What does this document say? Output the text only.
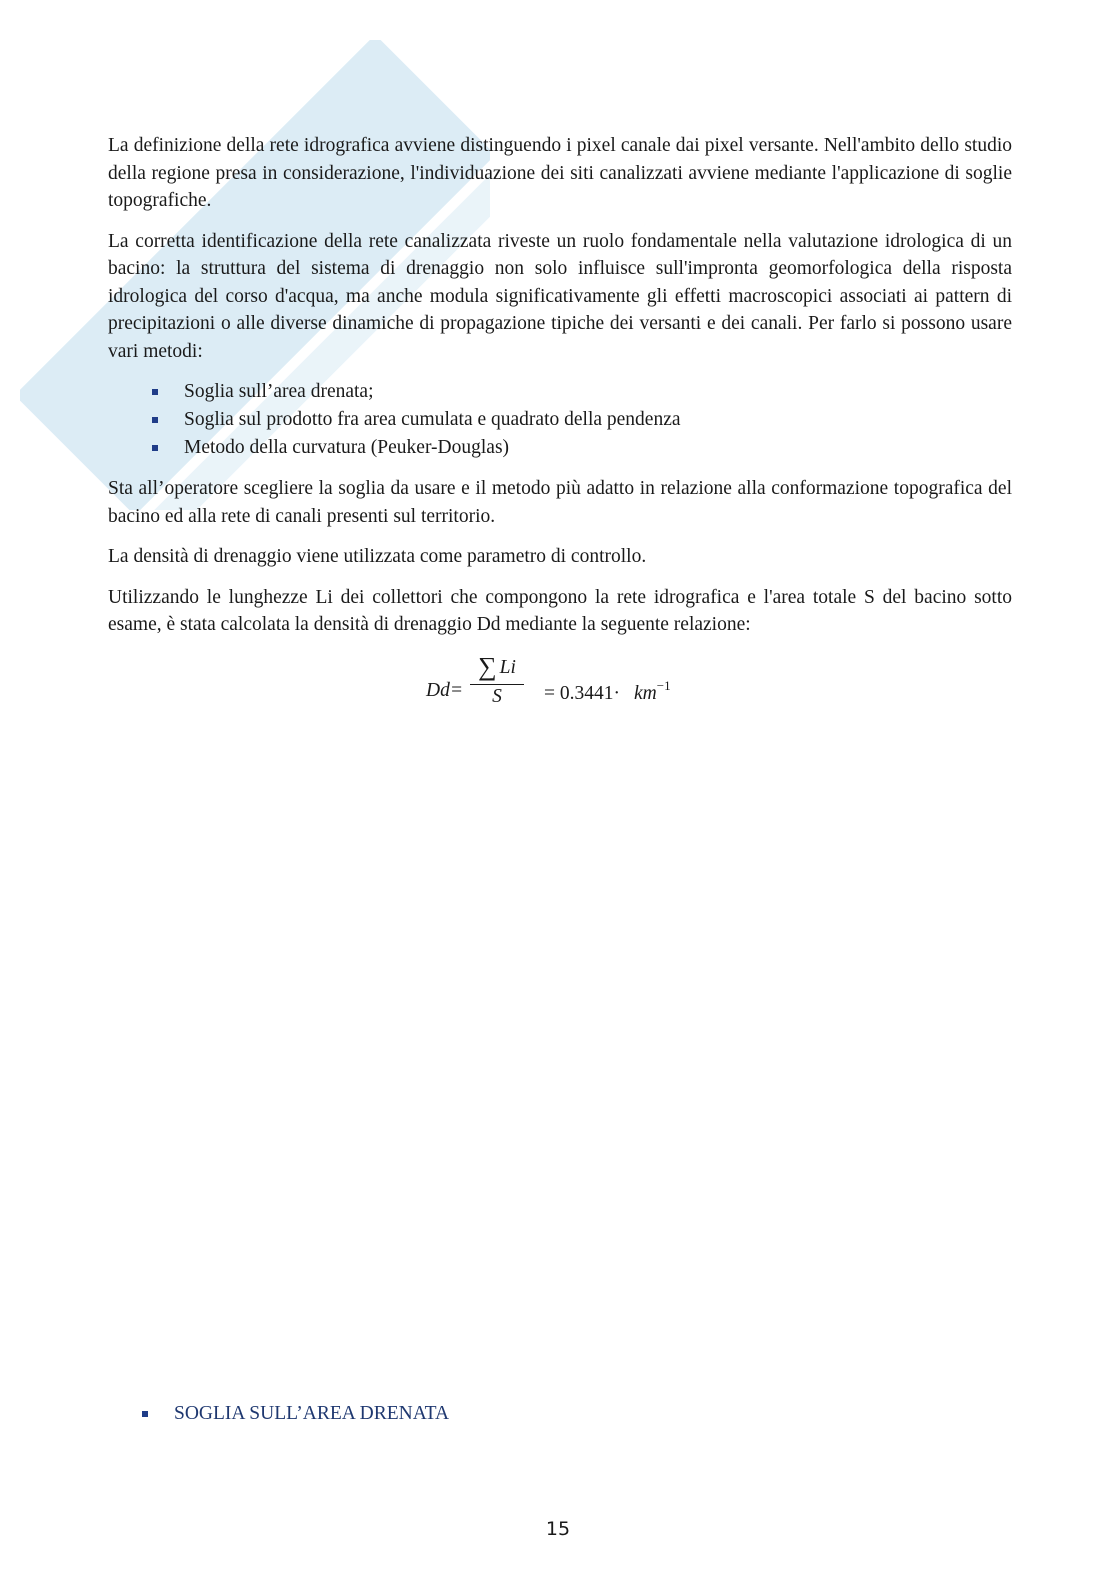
La definizione della rete idrografica avviene distinguendo i pixel canale dai pixel versante. Nell'ambito dello studio della regione presa in considerazione, l'individuazione dei siti canalizzati avviene mediante l'applicazione di soglie topografiche.

La corretta identificazione della rete canalizzata riveste un ruolo fondamentale nella valutazione idrologica di un bacino: la struttura del sistema di drenaggio non solo influisce sull'impronta geomorfologica della risposta idrologica del corso d'acqua, ma anche modula significativamente gli effetti macroscopici associati ai pattern di precipitazioni o alle diverse dinamiche di propagazione tipiche dei versanti e dei canali. Per farlo si possono usare vari metodi:

Soglia sull’area drenata;
Soglia sul prodotto fra area cumulata e quadrato della pendenza
Metodo della curvatura (Peuker-Douglas)

Sta all’operatore scegliere la soglia da usare e il metodo più adatto in relazione alla conformazione topografica del bacino ed alla rete di canali presenti sul territorio.

La densità di drenaggio viene utilizzata come parametro di controllo.

Utilizzando le lunghezze Li dei collettori che compongono la rete idrografica e l'area totale S del bacino sotto esame, è stata calcolata la densità di drenaggio Dd mediante la seguente relazione:

$Dd= \frac{\sum Li}{S} = 0.3441\cdot km^{-1}$
SOGLIA SULL’AREA DRENATA
15
